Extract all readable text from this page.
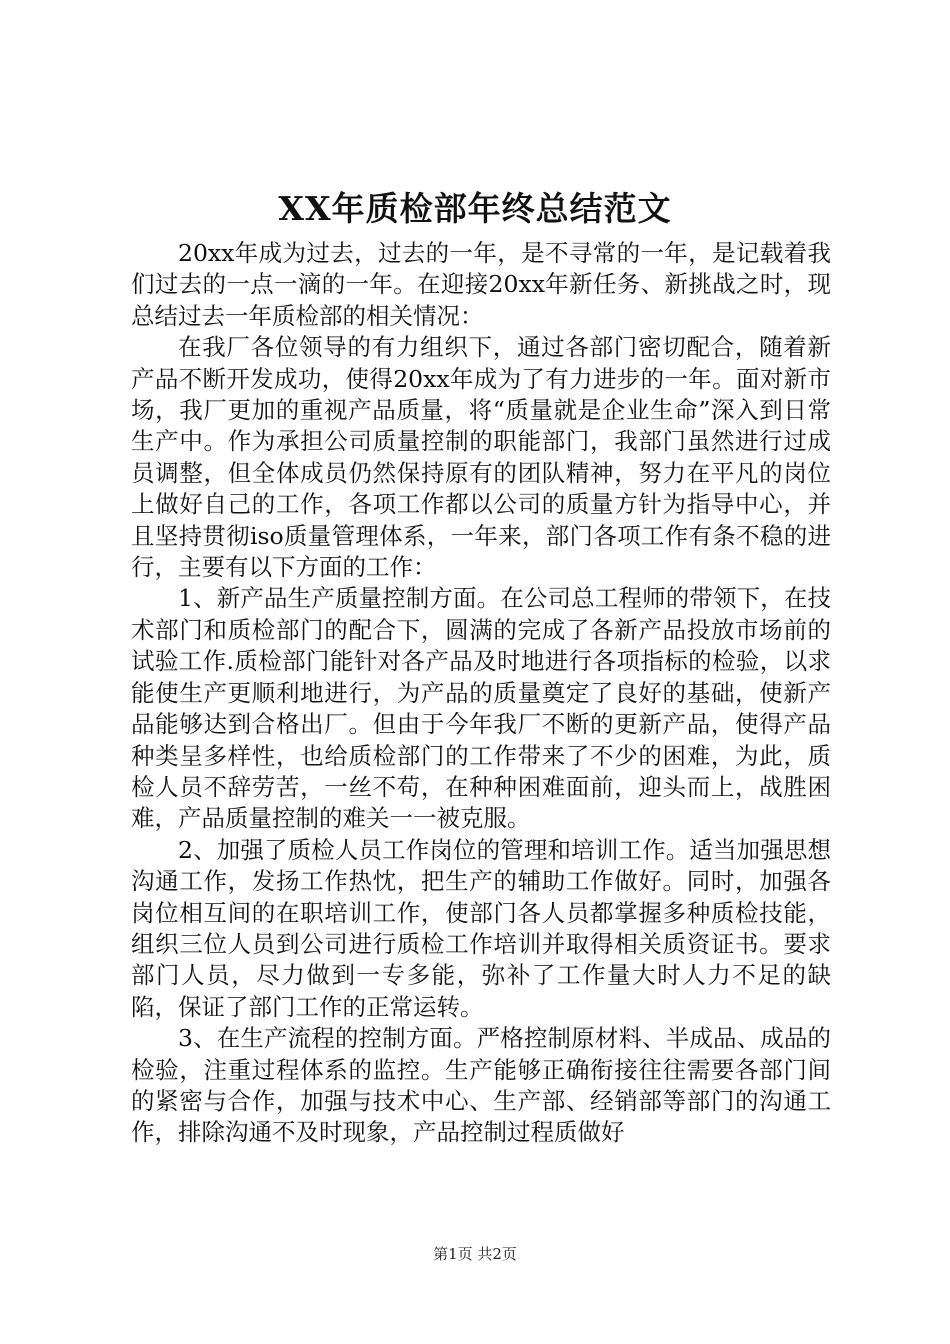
XX年质检部年终总结范文

20xx年成为过去，过去的一年，是不寻常的一年，是记载着我们过去的一点一滴的一年。在迎接20xx年新任务、新挑战之时，现总结过去一年质检部的相关情况：

在我厂各位领导的有力组织下，通过各部门密切配合，随着新产品不断开发成功，使得20xx年成为了有力进步的一年。面对新市场，我厂更加的重视产品质量，将“质量就是企业生命”深入到日常生产中。作为承担公司质量控制的职能部门，我部门虽然进行过成员调整，但全体成员仍然保持原有的团队精神，努力在平凡的岗位上做好自己的工作，各项工作都以公司的质量方针为指导中心，并且坚持贯彻iso质量管理体系，一年来，部门各项工作有条不稳的进行，主要有以下方面的工作：

1、新产品生产质量控制方面。在公司总工程师的带领下，在技术部门和质检部门的配合下，圆满的完成了各新产品投放市场前的试验工作.质检部门能针对各产品及时地进行各项指标的检验，以求能使生产更顺利地进行，为产品的质量奠定了良好的基础，使新产品能够达到合格出厂。但由于今年我厂不断的更新产品，使得产品种类呈多样性，也给质检部门的工作带来了不少的困难，为此，质检人员不辞劳苦，一丝不苟，在种种困难面前，迎头而上，战胜困难，产品质量控制的难关一一被克服。

2、加强了质检人员工作岗位的管理和培训工作。适当加强思想沟通工作，发扬工作热忱，把生产的辅助工作做好。同时，加强各岗位相互间的在职培训工作，使部门各人员都掌握多种质检技能，组织三位人员到公司进行质检工作培训并取得相关质资证书。要求部门人员，尽力做到一专多能，弥补了工作量大时人力不足的缺陷，保证了部门工作的正常运转。

3、在生产流程的控制方面。严格控制原材料、半成品、成品的检验，注重过程体系的监控。生产能够正确衔接往往需要各部门间的紧密与合作，加强与技术中心、生产部、经销部等部门的沟通工作，排除沟通不及时现象，产品控制过程质做好

第1页 共2页
